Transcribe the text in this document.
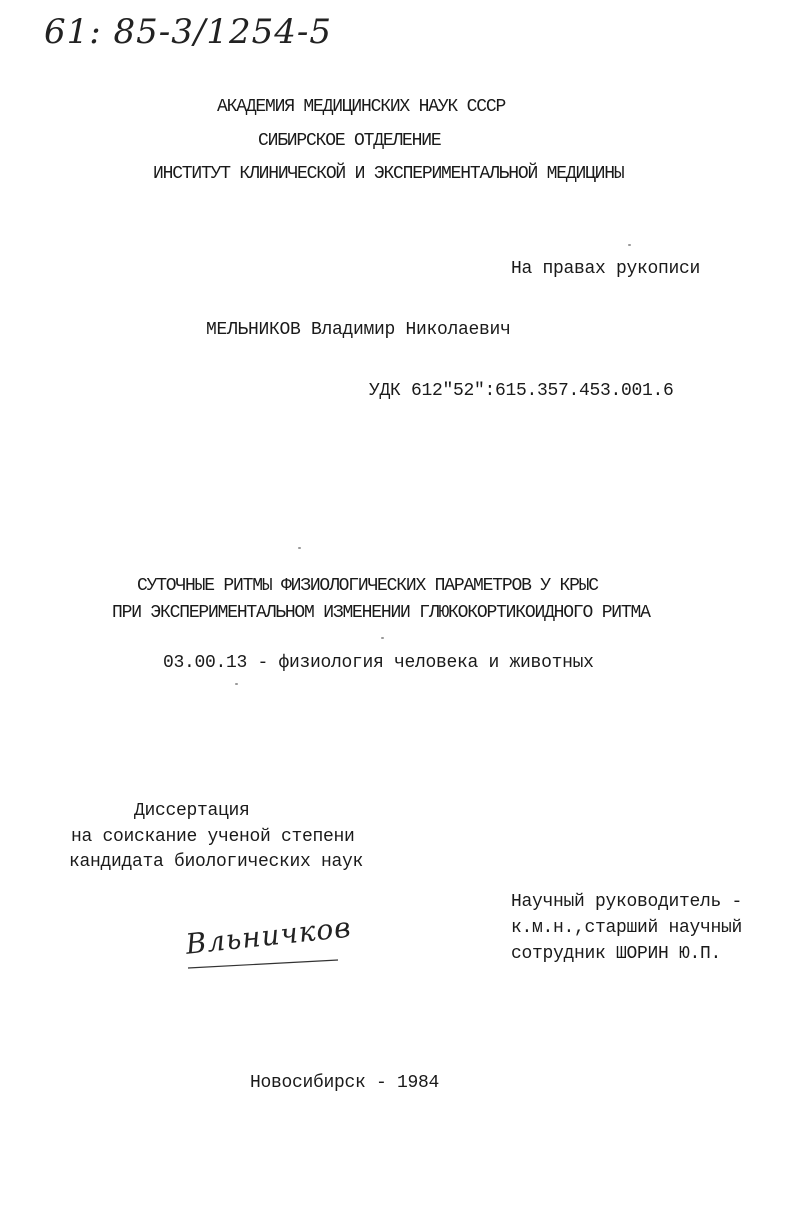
61: 85-3/1254-5
АКАДЕМИЯ МЕДИЦИНСКИХ НАУК СССР
СИБИРСКОЕ ОТДЕЛЕНИЕ
ИНСТИТУТ КЛИНИЧЕСКОЙ И ЭКСПЕРИМЕНТАЛЬНОЙ МЕДИЦИНЫ
На правах рукописи
МЕЛЬНИКОВ Владимир Николаевич
УДК 612"52":615.357.453.001.6
СУТОЧНЫЕ РИТМЫ ФИЗИОЛОГИЧЕСКИХ ПАРАМЕТРОВ У КРЫС
ПРИ ЭКСПЕРИМЕНТАЛЬНОМ ИЗМЕНЕНИИ ГЛЮКОКОРТИКОИДНОГО РИТМА
03.00.13 - физиология человека и животных
Диссертация
на соискание ученой степени
кандидата биологических наук
Научный руководитель -
к.м.н.,старший научный
сотрудник ШОРИН Ю.П.
Вльничков
Новосибирск - 1984
